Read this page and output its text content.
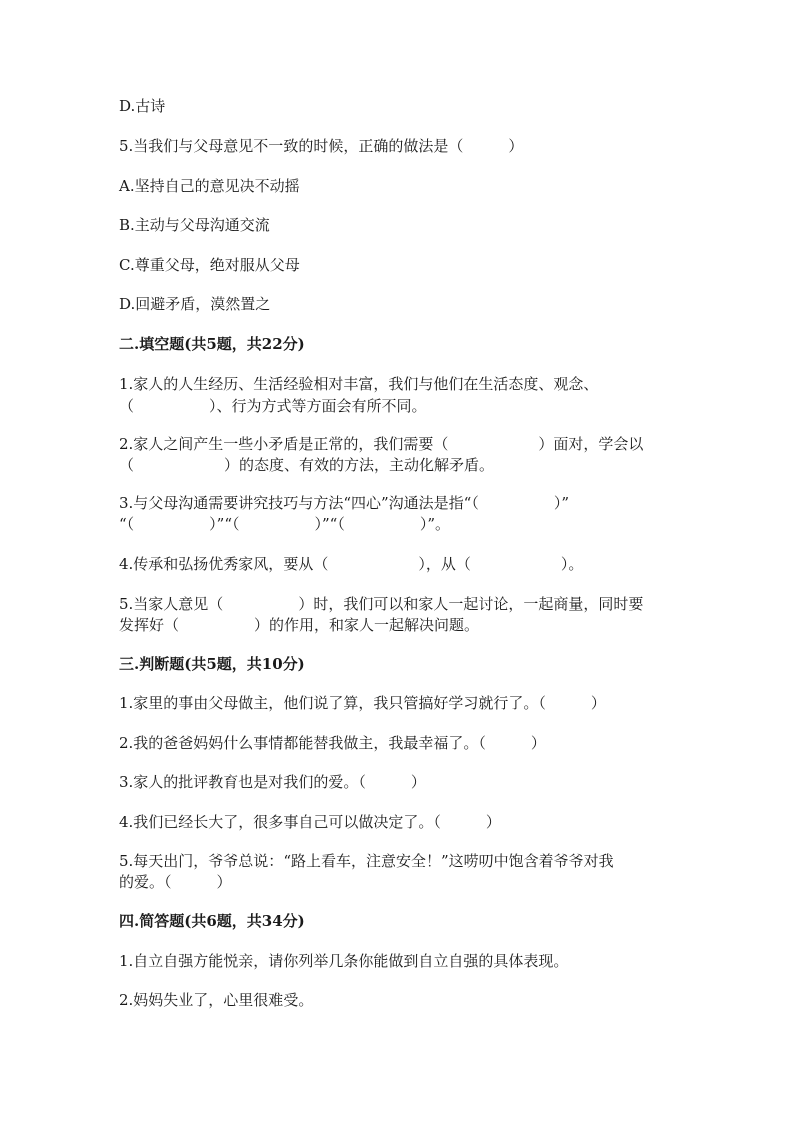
D.古诗
5.当我们与父母意见不一致的时候，正确的做法是（　　　）
A.坚持自己的意见决不动摇
B.主动与父母沟通交流
C.尊重父母，绝对服从父母
D.回避矛盾，漠然置之
二.填空题(共5题，共22分)
1.家人的人生经历、生活经验相对丰富，我们与他们在生活态度、观念、
（　　　　　）、行为方式等方面会有所不同。
2.家人之间产生一些小矛盾是正常的，我们需要（　　　　　　）面对，学会以
（　　　　　　）的态度、有效的方法，主动化解矛盾。
3.与父母沟通需要讲究技巧与方法“四心”沟通法是指“（　　　　　）”
“（　　　　　）”“（　　　　　）”“（　　　　　）”。
4.传承和弘扬优秀家风，要从（　　　　　　），从（　　　　　　）。
5.当家人意见（　　　　　）时，我们可以和家人一起讨论，一起商量，同时要
发挥好（　　　　　）的作用，和家人一起解决问题。
三.判断题(共5题，共10分)
1.家里的事由父母做主，他们说了算，我只管搞好学习就行了。（　　　）
2.我的爸爸妈妈什么事情都能替我做主，我最幸福了。（　　　）
3.家人的批评教育也是对我们的爱。（　　　）
4.我们已经长大了，很多事自己可以做决定了。（　　　）
5.每天出门，爷爷总说：“路上看车，注意安全！”这唠叨中饱含着爷爷对我
的爱。（　　　）
四.简答题(共6题，共34分)
1.自立自强方能悦亲，请你列举几条你能做到自立自强的具体表现。
2.妈妈失业了，心里很难受。
